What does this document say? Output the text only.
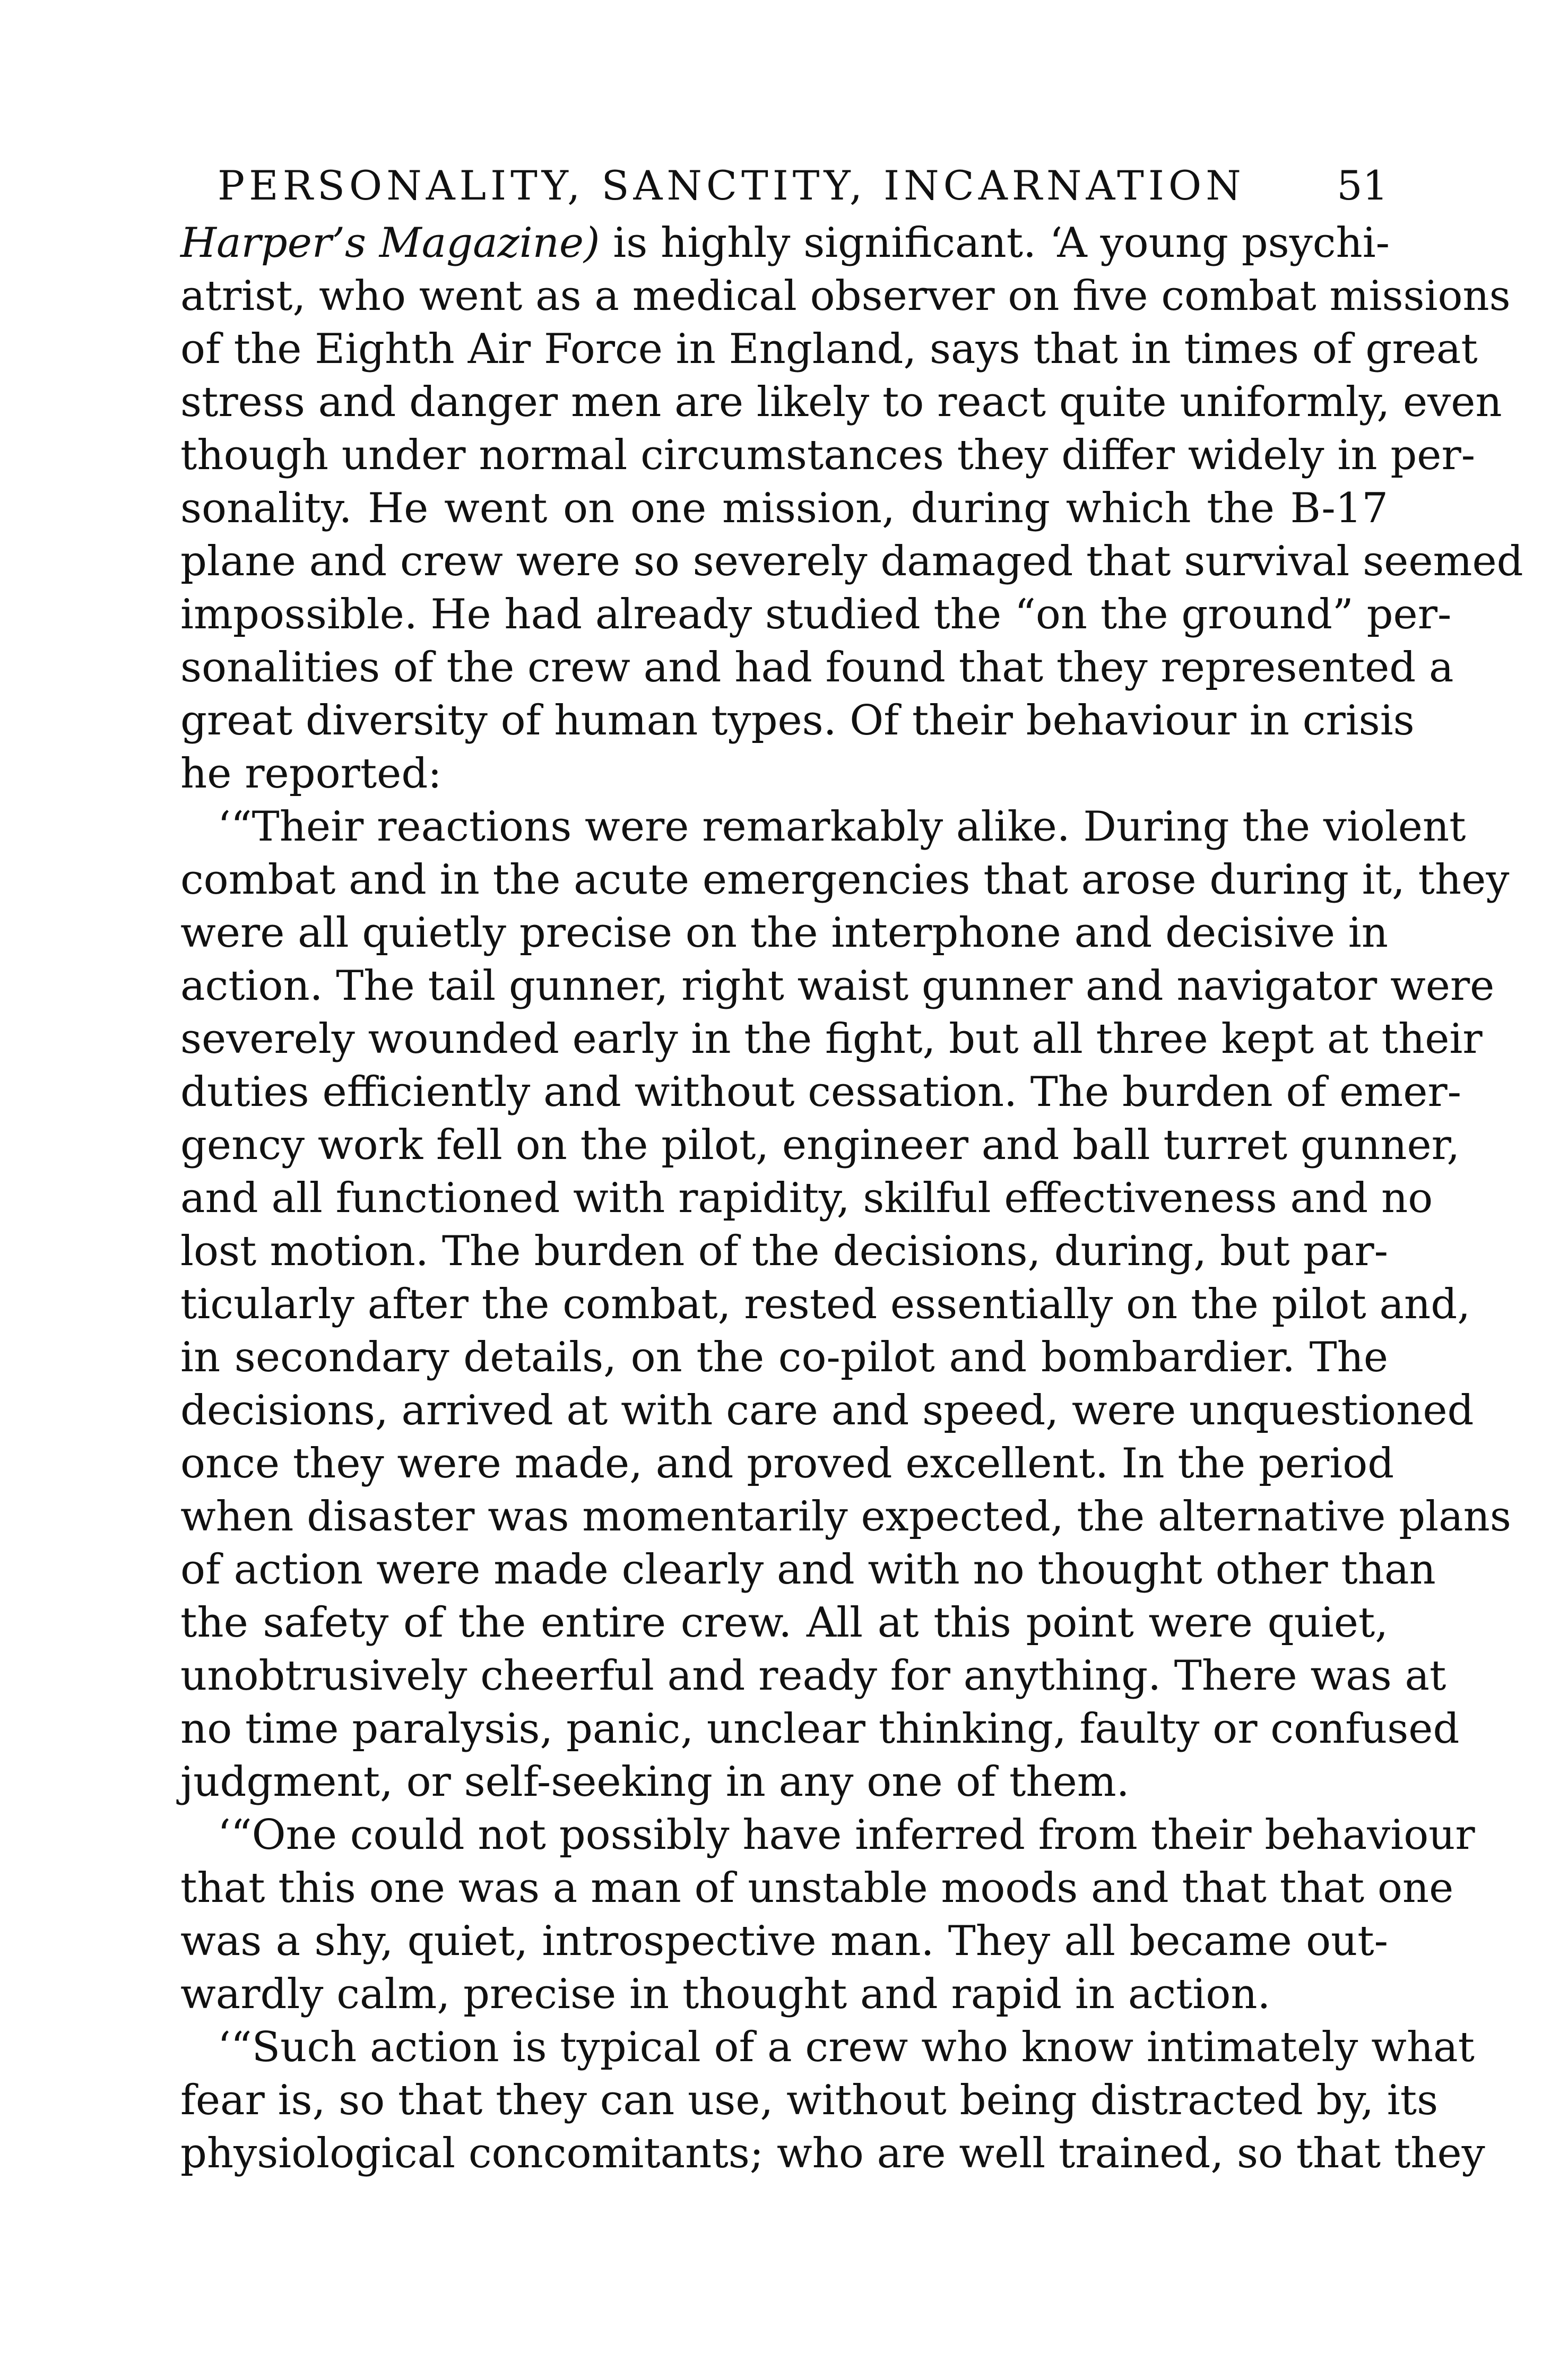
PERSONALITY, SANCTITY, INCARNATION 51
Harper’s Magazine) is highly significant. ‘A young psychi-
atrist, who went as a medical observer on five combat missions
of the Eighth Air Force in England, says that in times of great
stress and danger men are likely to react quite uniformly, even
though under normal circumstances they differ widely in per-
sonality. He went on one mission, during which the B-17
plane and crew were so severely damaged that survival seemed
impossible. He had already studied the “on the ground” per-
sonalities of the crew and had found that they represented a
great diversity of human types. Of their behaviour in crisis
he reported:
‘“Their reactions were remarkably alike. During the violent
combat and in the acute emergencies that arose during it, they
were all quietly precise on the interphone and decisive in
action. The tail gunner, right waist gunner and navigator were
severely wounded early in the fight, but all three kept at their
duties efficiently and without cessation. The burden of emer-
gency work fell on the pilot, engineer and ball turret gunner,
and all functioned with rapidity, skilful effectiveness and no
lost motion. The burden of the decisions, during, but par-
ticularly after the combat, rested essentially on the pilot and,
in secondary details, on the co-pilot and bombardier. The
decisions, arrived at with care and speed, were unquestioned
once they were made, and proved excellent. In the period
when disaster was momentarily expected, the alternative plans
of action were made clearly and with no thought other than
the safety of the entire crew. All at this point were quiet,
unobtrusively cheerful and ready for anything. There was at
no time paralysis, panic, unclear thinking, faulty or confused
judgment, or self-seeking in any one of them.
‘“One could not possibly have inferred from their behaviour
that this one was a man of unstable moods and that that one
was a shy, quiet, introspective man. They all became out-
wardly calm, precise in thought and rapid in action.
‘“Such action is typical of a crew who know intimately what
fear is, so that they can use, without being distracted by, its
physiological concomitants; who are well trained, so that they
